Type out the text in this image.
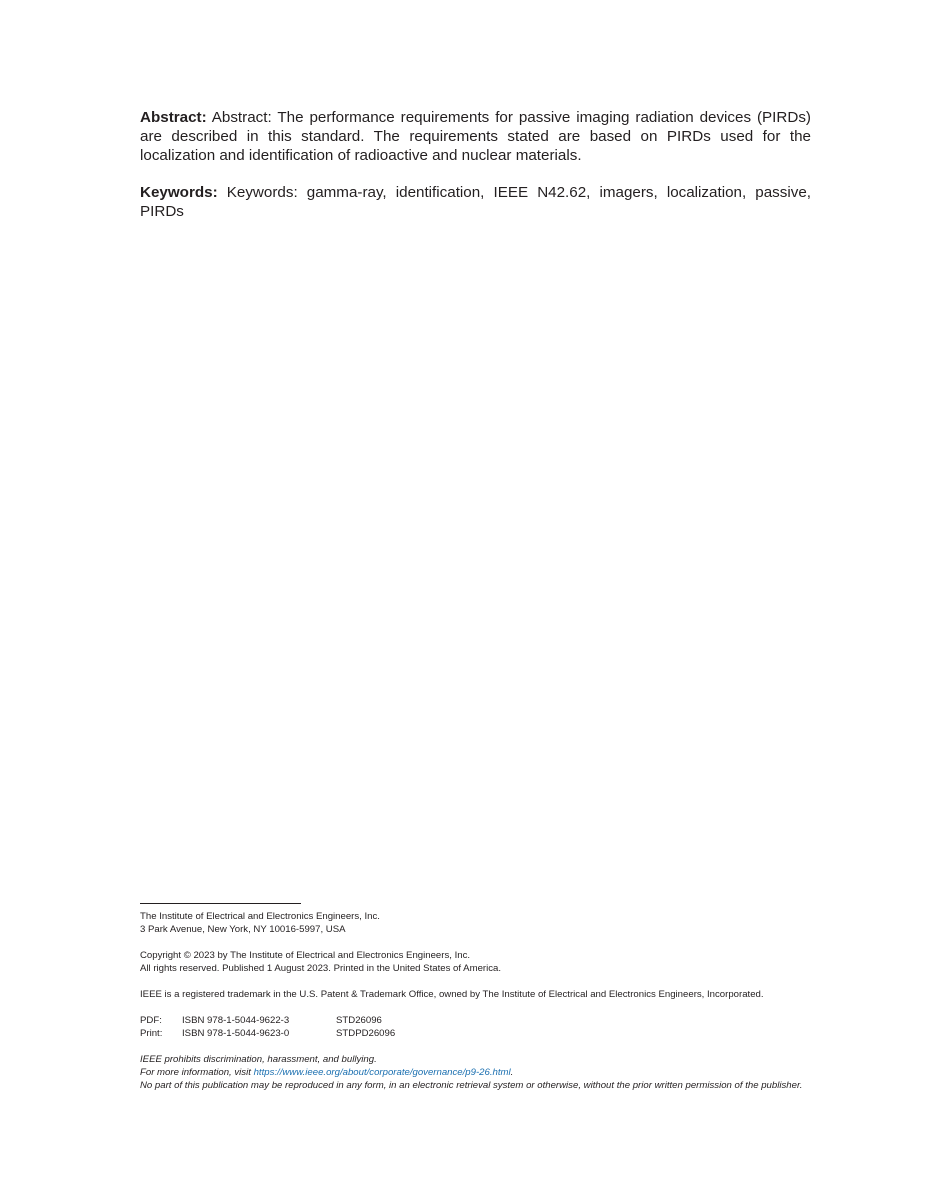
Abstract: Abstract: The performance requirements for passive imaging radiation devices (PIRDs) are described in this standard. The requirements stated are based on PIRDs used for the localization and identification of radioactive and nuclear materials.

Keywords: Keywords: gamma-ray, identification, IEEE N42.62, imagers, localization, passive, PIRDs

The Institute of Electrical and Electronics Engineers, Inc.

3 Park Avenue, New York, NY 10016-5997, USA

Copyright © 2023 by The Institute of Electrical and Electronics Engineers, Inc.

All rights reserved. Published 1 August 2023. Printed in the United States of America.

IEEE is a registered trademark in the U.S. Patent & Trademark Office, owned by The Institute of Electrical and Electronics Engineers, Incorporated.

PDF:	ISBN 978-1-5044-9622-3	STD26096
Print:	ISBN 978-1-5044-9623-0	STDPD26096

IEEE prohibits discrimination, harassment, and bullying.

For more information, visit https://www.ieee.org/about/corporate/governance/p9-26.html.

No part of this publication may be reproduced in any form, in an electronic retrieval system or otherwise, without the prior written permission of the publisher.
